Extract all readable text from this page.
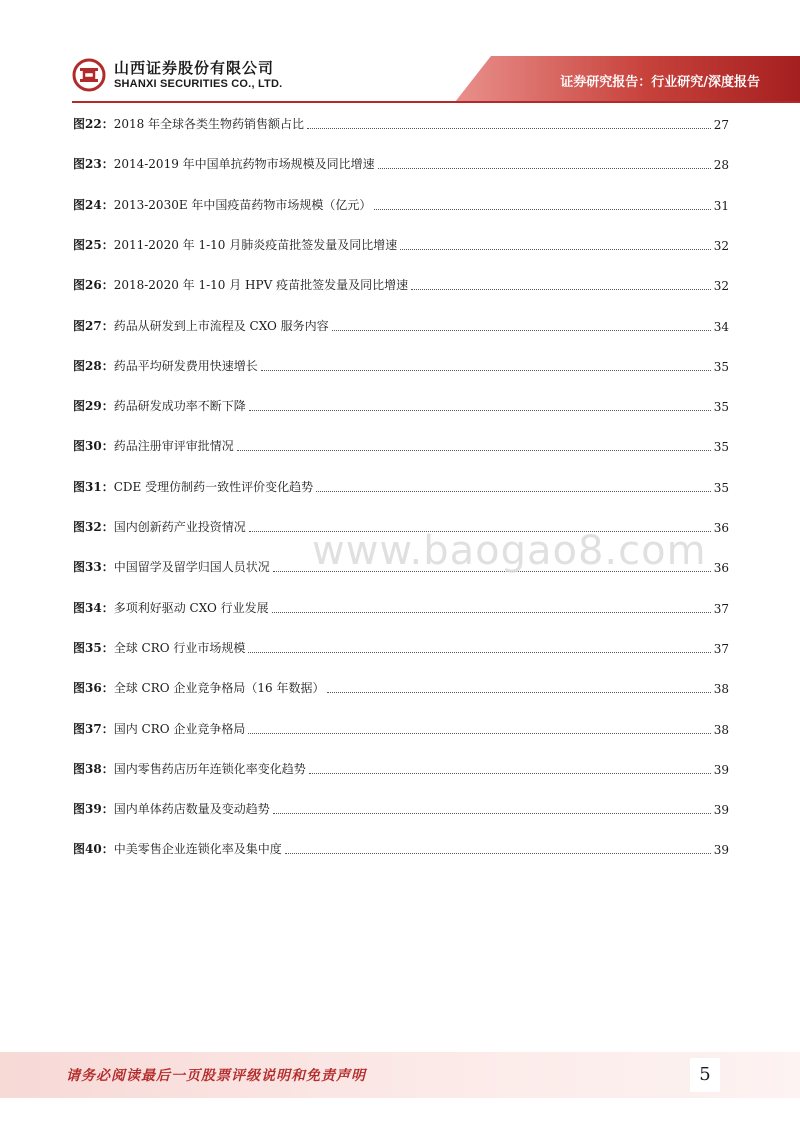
山西证券股份有限公司
SHANXI SECURITIES CO., LTD.	证券研究报告：行业研究/深度报告
图22：2018 年全球各类生物药销售额占比	27
图23：2014-2019 年中国单抗药物市场规模及同比增速	28
图24：2013-2030E 年中国疫苗药物市场规模（亿元）	31
图25：2011-2020 年 1-10 月肺炎疫苗批签发量及同比增速	32
图26：2018-2020 年 1-10 月 HPV 疫苗批签发量及同比增速	32
图27：药品从研发到上市流程及 CXO 服务内容	34
图28：药品平均研发费用快速增长	35
图29：药品研发成功率不断下降	35
图30：药品注册审评审批情况	35
图31：CDE 受理仿制药一致性评价变化趋势	35
图32：国内创新药产业投资情况	36
图33：中国留学及留学归国人员状况	36
图34：多项利好驱动 CXO 行业发展	37
图35：全球 CRO 行业市场规模	37
图36：全球 CRO 企业竞争格局（16 年数据）	38
图37：国内 CRO 企业竞争格局	38
图38：国内零售药店历年连锁化率变化趋势	39
图39：国内单体药店数量及变动趋势	39
图40：中美零售企业连锁化率及集中度	39
www.baogao8.com
请务必阅读最后一页股票评级说明和免责声明	5
